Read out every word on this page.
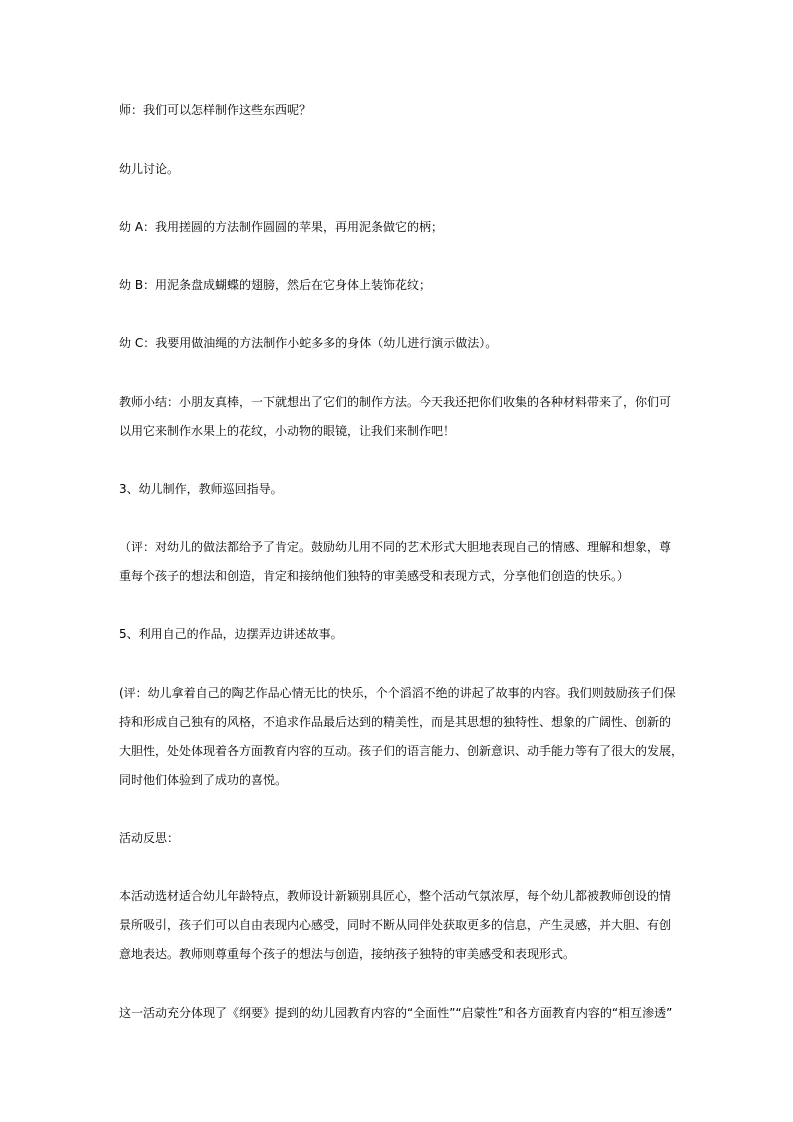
师：我们可以怎样制作这些东西呢？

幼儿讨论。

幼 A：我用搓圆的方法制作圆圆的苹果，再用泥条做它的柄；

幼 B：用泥条盘成蝴蝶的翅膀，然后在它身体上装饰花纹；

幼 C：我要用做油绳的方法制作小蛇多多的身体（幼儿进行演示做法）。

教师小结：小朋友真棒，一下就想出了它们的制作方法。今天我还把你们收集的各种材料带来了，你们可
以用它来制作水果上的花纹，小动物的眼镜，让我们来制作吧！

3、幼儿制作，教师巡回指导。

（评：对幼儿的做法都给予了肯定。鼓励幼儿用不同的艺术形式大胆地表现自己的情感、理解和想象，尊
重每个孩子的想法和创造，肯定和接纳他们独特的审美感受和表现方式，分享他们创造的快乐。）

5、利用自己的作品，边摆弄边讲述故事。

(评：幼儿拿着自己的陶艺作品心情无比的快乐，个个滔滔不绝的讲起了故事的内容。我们则鼓励孩子们保
持和形成自己独有的风格，不追求作品最后达到的精美性，而是其思想的独特性、想象的广阔性、创新的
大胆性，处处体现着各方面教育内容的互动。孩子们的语言能力、创新意识、动手能力等有了很大的发展，
同时他们体验到了成功的喜悦。

活动反思：

本活动选材适合幼儿年龄特点，教师设计新颖别具匠心，整个活动气氛浓厚，每个幼儿都被教师创设的情
景所吸引，孩子们可以自由表现内心感受，同时不断从同伴处获取更多的信息，产生灵感，并大胆、有创
意地表达。教师则尊重每个孩子的想法与创造，接纳孩子独特的审美感受和表现形式。

这一活动充分体现了《纲要》提到的幼儿园教育内容的“全面性”“启蒙性”和各方面教育内容的“相互渗透”
